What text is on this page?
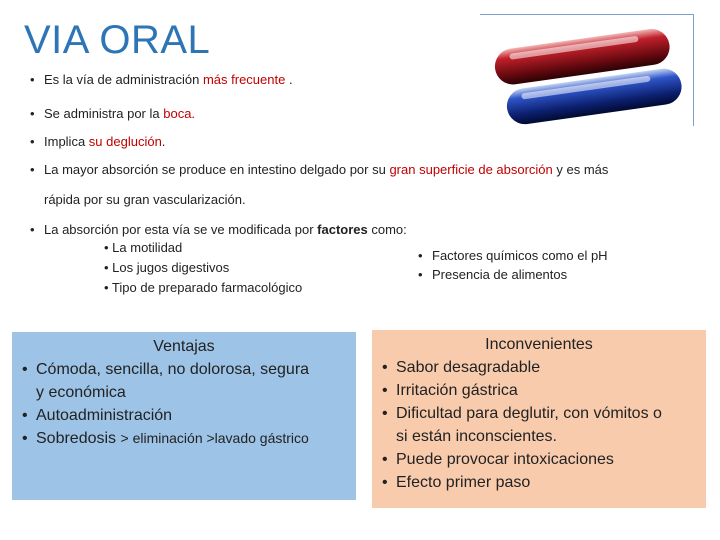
VIA ORAL
• Es la vía de administración más frecuente .
• Se administra por la boca.
• Implica su deglución.
• La mayor absorción se produce en intestino delgado por su gran superficie de absorción y es más
rápida por su gran vascularización.
• La absorción por esta vía se ve modificada por factores como:
• La motilidad
• Los jugos digestivos
• Tipo de preparado farmacológico
• Factores químicos como el pH
• Presencia de alimentos
Ventajas
• Cómoda, sencilla, no dolorosa, segura
y económica
• Autoadministración
• Sobredosis > eliminación >lavado gástrico
Inconvenientes
• Sabor desagradable
• Irritación gástrica
• Dificultad para deglutir, con vómitos o
si están inconscientes.
• Puede provocar intoxicaciones
• Efecto primer paso
